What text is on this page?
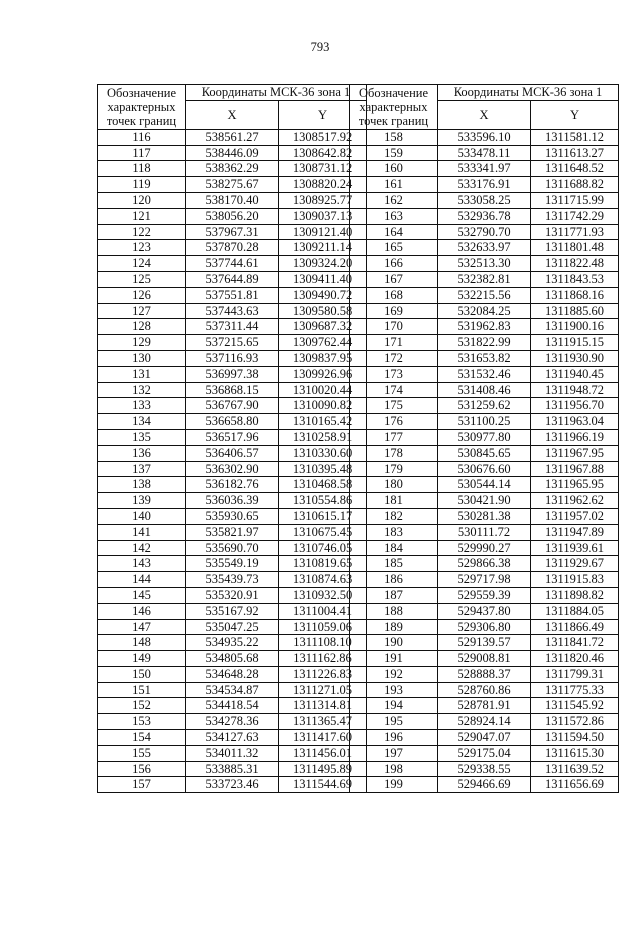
793
Обозначение характерных точек границ	Координаты МСК-36 зона 1	
	X	Y
116	538561.27	1308517.92
117	538446.09	1308642.82
118	538362.29	1308731.12
119	538275.67	1308820.24
120	538170.40	1308925.77
121	538056.20	1309037.13
122	537967.31	1309121.40
123	537870.28	1309211.14
124	537744.61	1309324.20
125	537644.89	1309411.40
126	537551.81	1309490.72
127	537443.63	1309580.58
128	537311.44	1309687.32
129	537215.65	1309762.44
130	537116.93	1309837.95
131	536997.38	1309926.96
132	536868.15	1310020.44
133	536767.90	1310090.82
134	536658.80	1310165.42
135	536517.96	1310258.91
136	536406.57	1310330.60
137	536302.90	1310395.48
138	536182.76	1310468.58
139	536036.39	1310554.86
140	535930.65	1310615.17
141	535821.97	1310675.45
142	535690.70	1310746.05
143	535549.19	1310819.65
144	535439.73	1310874.63
145	535320.91	1310932.50
146	535167.92	1311004.41
147	535047.25	1311059.06
148	534935.22	1311108.10
149	534805.68	1311162.86
150	534648.28	1311226.83
151	534534.87	1311271.05
152	534418.54	1311314.81
153	534278.36	1311365.47
154	534127.63	1311417.60
155	534011.32	1311456.01
156	533885.31	1311495.89
157	533723.46	1311544.69
Обозначение характерных точек границ	Координаты МСК-36 зона 1	
	X	Y
158	533596.10	1311581.12
159	533478.11	1311613.27
160	533341.97	1311648.52
161	533176.91	1311688.82
162	533058.25	1311715.99
163	532936.78	1311742.29
164	532790.70	1311771.93
165	532633.97	1311801.48
166	532513.30	1311822.48
167	532382.81	1311843.53
168	532215.56	1311868.16
169	532084.25	1311885.60
170	531962.83	1311900.16
171	531822.99	1311915.15
172	531653.82	1311930.90
173	531532.46	1311940.45
174	531408.46	1311948.72
175	531259.62	1311956.70
176	531100.25	1311963.04
177	530977.80	1311966.19
178	530845.65	1311967.95
179	530676.60	1311967.88
180	530544.14	1311965.95
181	530421.90	1311962.62
182	530281.38	1311957.02
183	530111.72	1311947.89
184	529990.27	1311939.61
185	529866.38	1311929.67
186	529717.98	1311915.83
187	529559.39	1311898.82
188	529437.80	1311884.05
189	529306.80	1311866.49
190	529139.57	1311841.72
191	529008.81	1311820.46
192	528888.37	1311799.31
193	528760.86	1311775.33
194	528781.91	1311545.92
195	528924.14	1311572.86
196	529047.07	1311594.50
197	529175.04	1311615.30
198	529338.55	1311639.52
199	529466.69	1311656.69
